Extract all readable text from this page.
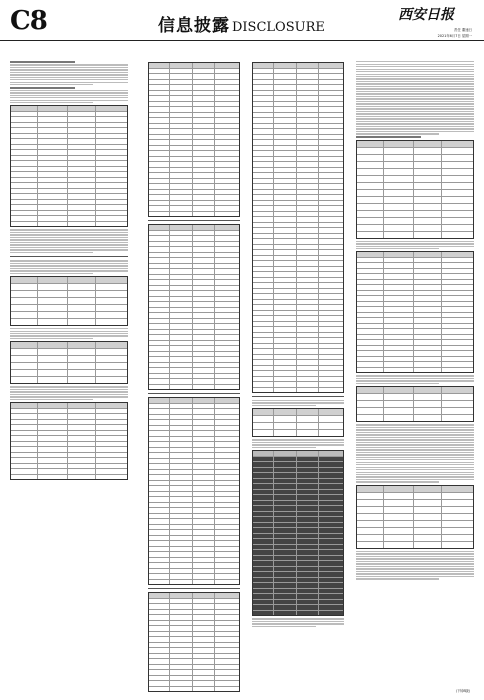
C8	信息披露 DISCLOSURE
西安日报
责任 董速日
2021年6月7日 星期一
(下转B版)
